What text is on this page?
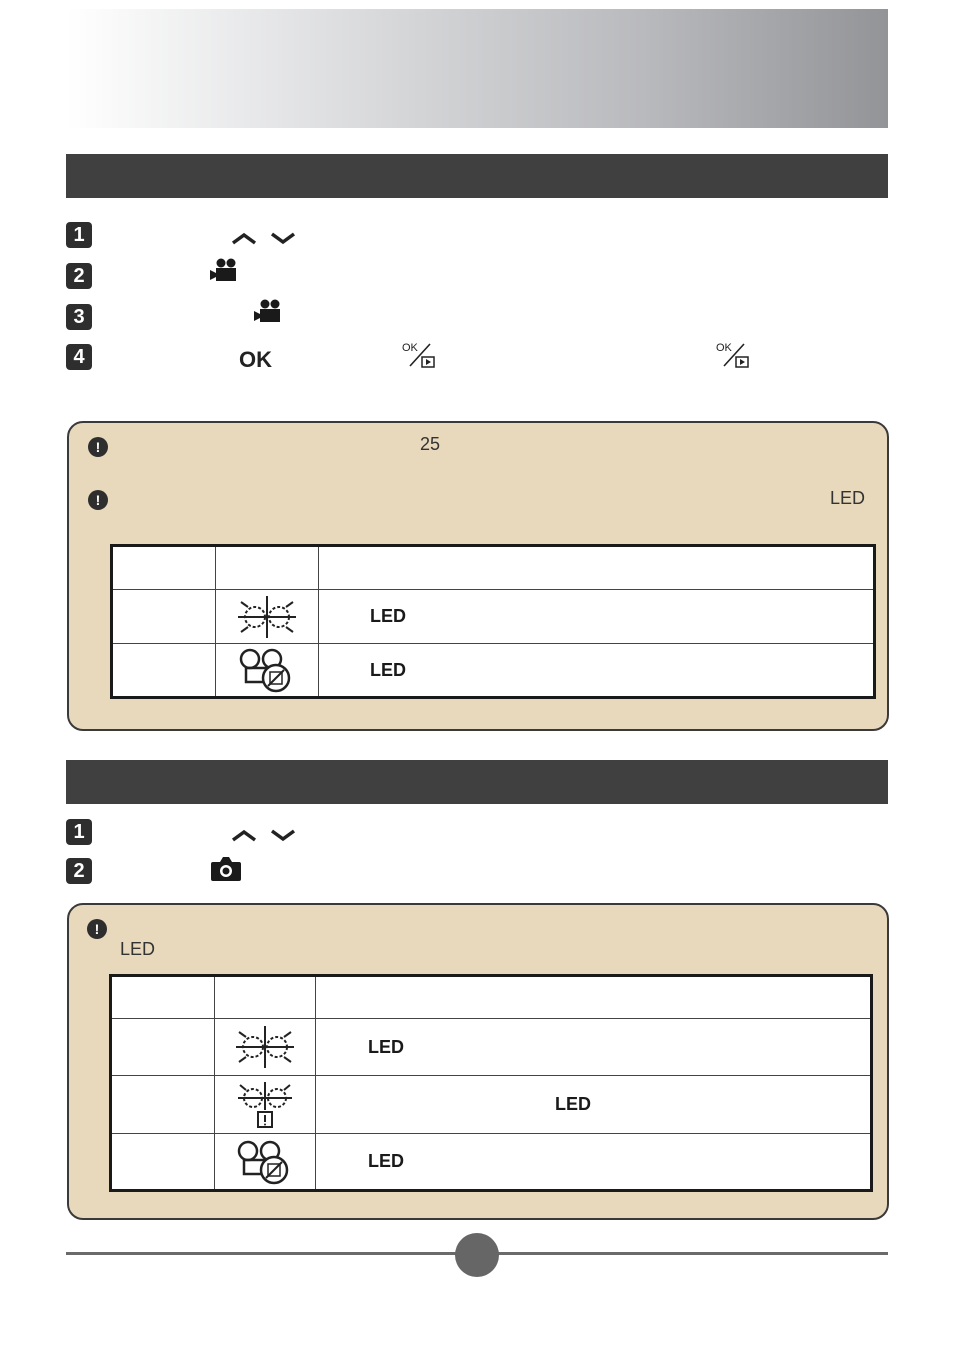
1
2
3
4	OK	OK	OK
!	25
!	LED

	LED

	LED
1
2
!
LED

	LED

	LED

	LED
